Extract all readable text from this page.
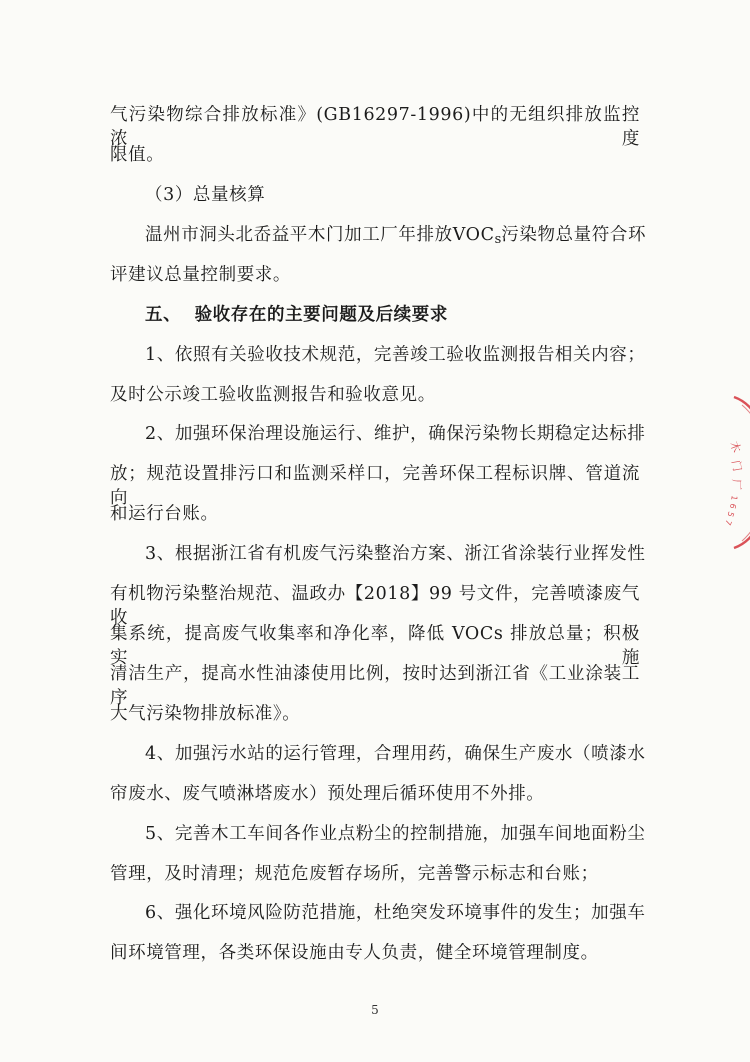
气污染物综合排放标准》(GB16297-1996)中的无组织排放监控浓度
限值。
（3）总量核算
温州市洞头北岙益平木门加工厂年排放$VOC_s$污染物总量符合环
评建议总量控制要求。
五、  验收存在的主要问题及后续要求
1、依照有关验收技术规范，完善竣工验收监测报告相关内容；
及时公示竣工验收监测报告和验收意见。
2、加强环保治理设施运行、维护，确保污染物长期稳定达标排
放；规范设置排污口和监测采样口，完善环保工程标识牌、管道流向
和运行台账。
3、根据浙江省有机废气污染整治方案、浙江省涂装行业挥发性
有机物污染整治规范、温政办【2018】99 号文件，完善喷漆废气收
集系统，提高废气收集率和净化率，降低 VOCs 排放总量；积极实施
清洁生产，提高水性油漆使用比例，按时达到浙江省《工业涂装工序
大气污染物排放标准》。
4、加强污水站的运行管理，合理用药，确保生产废水（喷漆水
帘废水、废气喷淋塔废水）预处理后循环使用不外排。
5、完善木工车间各作业点粉尘的控制措施，加强车间地面粉尘
管理，及时清理；规范危废暂存场所，完善警示标志和台账；
6、强化环境风险防范措施，杜绝突发环境事件的发生；加强车
间环境管理，各类环保设施由专人负责，健全环境管理制度。
5
木
门
厂
1
6
5
7
